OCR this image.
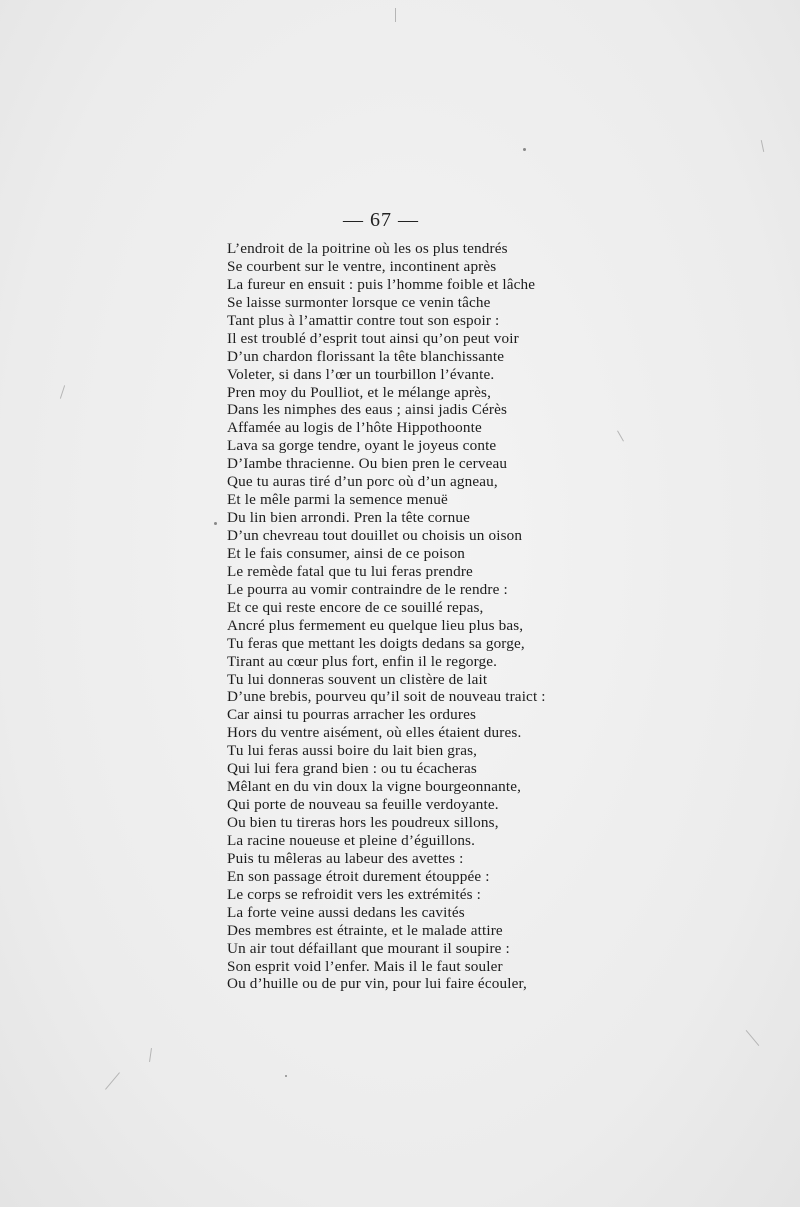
— 67 —
L’endroit de la poitrine où les os plus tendrés
Se courbent sur le ventre, incontinent après
La fureur en ensuit : puis l’homme foible et lâche
Se laisse surmonter lorsque ce venin tâche
Tant plus à l’amattir contre tout son espoir :
Il est troublé d’esprit tout ainsi qu’on peut voir
D’un chardon florissant la tête blanchissante
Voleter, si dans l’œr un tourbillon l’évante.
Pren moy du Poulliot, et le mélange après,
Dans les nimphes des eaus ; ainsi jadis Cérès
Affamée au logis de l’hôte Hippothoonte
Lava sa gorge tendre, oyant le joyeus conte
D’Iambe thracienne. Ou bien pren le cerveau
Que tu auras tiré d’un porc où d’un agneau,
Et le mêle parmi la semence menuë
Du lin bien arrondi. Pren la tête cornue
D’un chevreau tout douillet ou choisis un oison
Et le fais consumer, ainsi de ce poison
Le remède fatal que tu lui feras prendre
Le pourra au vomir contraindre de le rendre :
Et ce qui reste encore de ce souillé repas,
Ancré plus fermement eu quelque lieu plus bas,
Tu feras que mettant les doigts dedans sa gorge,
Tirant au cœur plus fort, enfin il le regorge.
Tu lui donneras souvent un clistère de lait
D’une brebis, pourveu qu’il soit de nouveau traict :
Car ainsi tu pourras arracher les ordures
Hors du ventre aisément, où elles étaient dures.
Tu lui feras aussi boire du lait bien gras,
Qui lui fera grand bien : ou tu écacheras
Mêlant en du vin doux la vigne bourgeonnante,
Qui porte de nouveau sa feuille verdoyante.
Ou bien tu tireras hors les poudreux sillons,
La racine noueuse et pleine d’éguillons.
Puis tu mêleras au labeur des avettes :
En son passage étroit durement étouppée :
Le corps se refroidit vers les extrémités :
La forte veine aussi dedans les cavités
Des membres est étrainte, et le malade attire
Un air tout défaillant que mourant il soupire :
Son esprit void l’enfer. Mais il le faut souler
Ou d’huille ou de pur vin, pour lui faire écouler,
